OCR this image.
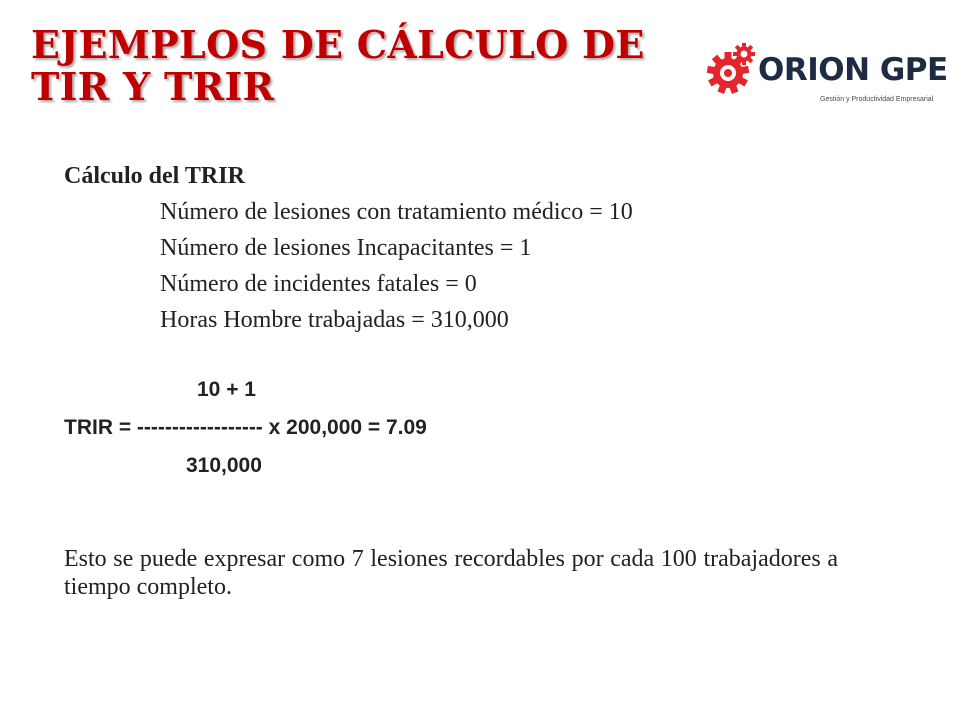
EJEMPLOS DE CÁLCULO DE
TIR Y TRIR	ORION GPE
Gestión y Productividad Empresarial
Cálculo del TRIR
Número de lesiones con tratamiento médico = 10
Número de lesiones Incapacitantes = 1
Número de incidentes fatales = 0
Horas Hombre trabajadas = 310,000
10 + 1
TRIR = ------------------ x 200,000 = 7.09
310,000

Esto se puede expresar como 7 lesiones recordables por cada 100 trabajadores a tiempo completo.
